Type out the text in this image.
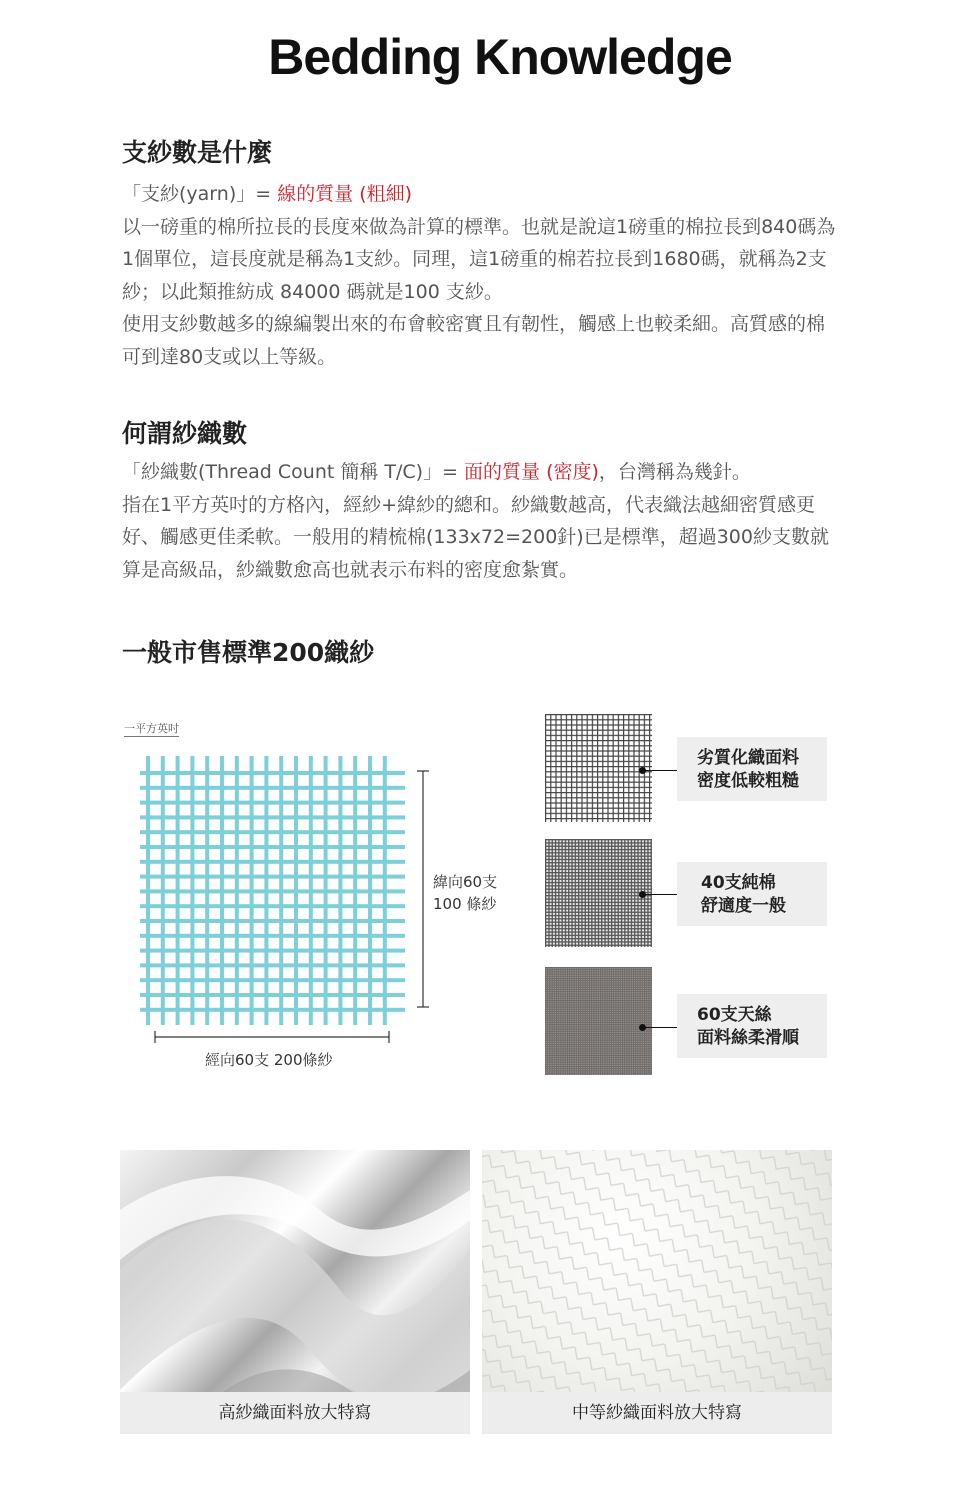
Bedding Knowledge
支紗數是什麼

「支紗(yarn)」= 線的質量 (粗細)

以一磅重的棉所拉長的長度來做為計算的標準。也就是說這1磅重的棉拉長到840碼為1個單位，這長度就是稱為1支紗。同理，這1磅重的棉若拉長到1680碼，就稱為2支紗；以此類推紡成 84000 碼就是100 支紗。

使用支紗數越多的線編製出來的布會較密實且有韌性，觸感上也較柔細。高質感的棉可到達80支或以上等級。

何謂紗織數

「紗織數(Thread Count 簡稱 T/C)」= 面的質量 (密度)，台灣稱為幾針。

指在1平方英吋的方格內，經紗+緯紗的總和。紗織數越高，代表織法越細密質感更好、觸感更佳柔軟。一般用的精梳棉(133x72=200針)已是標準，超過300紗支數就算是高級品，紗織數愈高也就表示布料的密度愈紮實。

一般市售標準200織紗
一平方英吋
緯向60支
100 條紗
經向60支 200條紗
劣質化織面料
密度低較粗糙
40支純棉
舒適度一般
60支天絲
面料絲柔滑順
高紗織面料放大特寫	中等紗織面料放大特寫
